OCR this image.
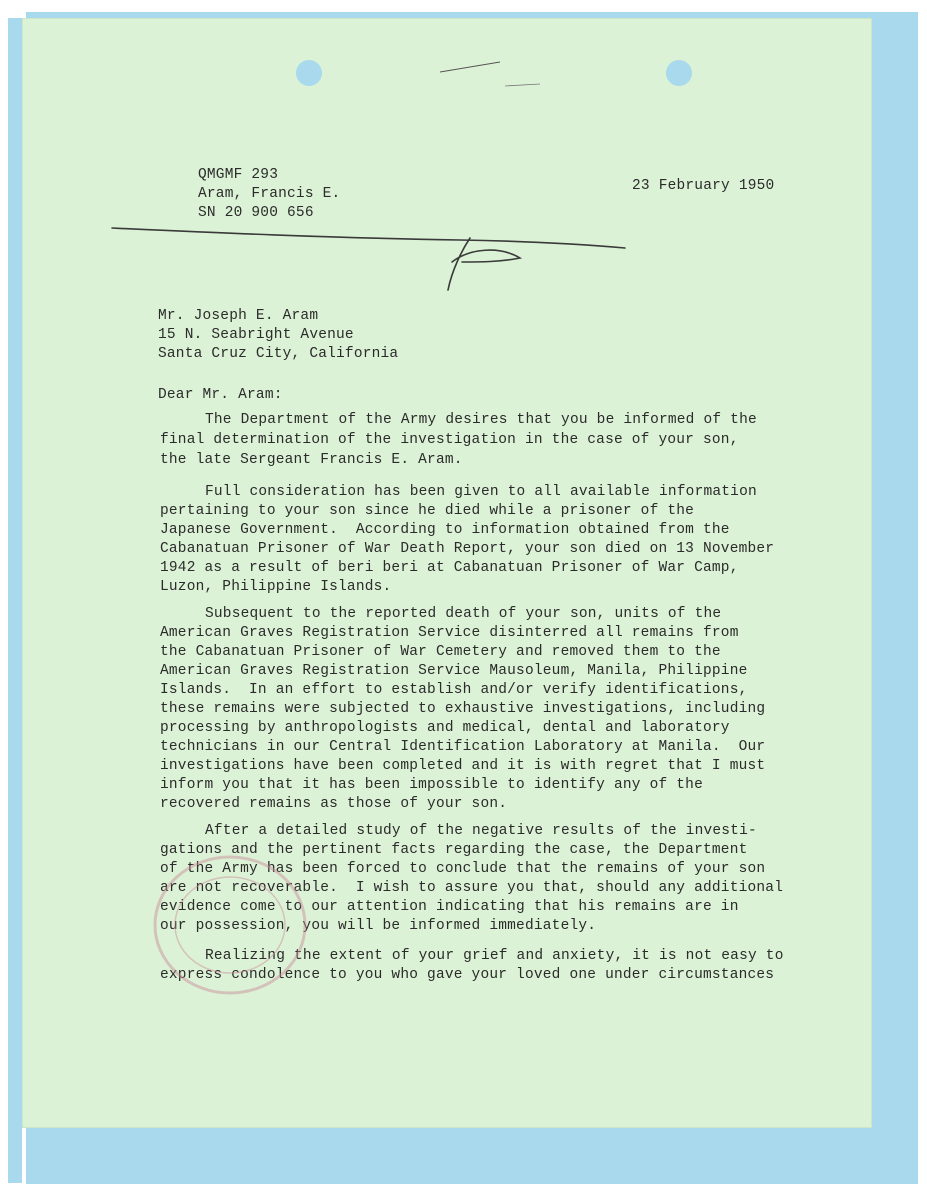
QMGMF 293
Aram, Francis E.
SN 20 900 656
23 February 1950
Mr. Joseph E. Aram
15 N. Seabright Avenue
Santa Cruz City, California
Dear Mr. Aram:
The Department of the Army desires that you be informed of the
final determination of the investigation in the case of your son,
the late Sergeant Francis E. Aram.
Full consideration has been given to all available information
pertaining to your son since he died while a prisoner of the
Japanese Government.  According to information obtained from the
Cabanatuan Prisoner of War Death Report, your son died on 13 November
1942 as a result of beri beri at Cabanatuan Prisoner of War Camp,
Luzon, Philippine Islands.
Subsequent to the reported death of your son, units of the
American Graves Registration Service disinterred all remains from
the Cabanatuan Prisoner of War Cemetery and removed them to the
American Graves Registration Service Mausoleum, Manila, Philippine
Islands.  In an effort to establish and/or verify identifications,
these remains were subjected to exhaustive investigations, including
processing by anthropologists and medical, dental and laboratory
technicians in our Central Identification Laboratory at Manila.  Our
investigations have been completed and it is with regret that I must
inform you that it has been impossible to identify any of the
recovered remains as those of your son.
After a detailed study of the negative results of the investi-
gations and the pertinent facts regarding the case, the Department
of the Army has been forced to conclude that the remains of your son
are not recoverable.  I wish to assure you that, should any additional
evidence come to our attention indicating that his remains are in
our possession, you will be informed immediately.
Realizing the extent of your grief and anxiety, it is not easy to
express condolence to you who gave your loved one under circumstances
